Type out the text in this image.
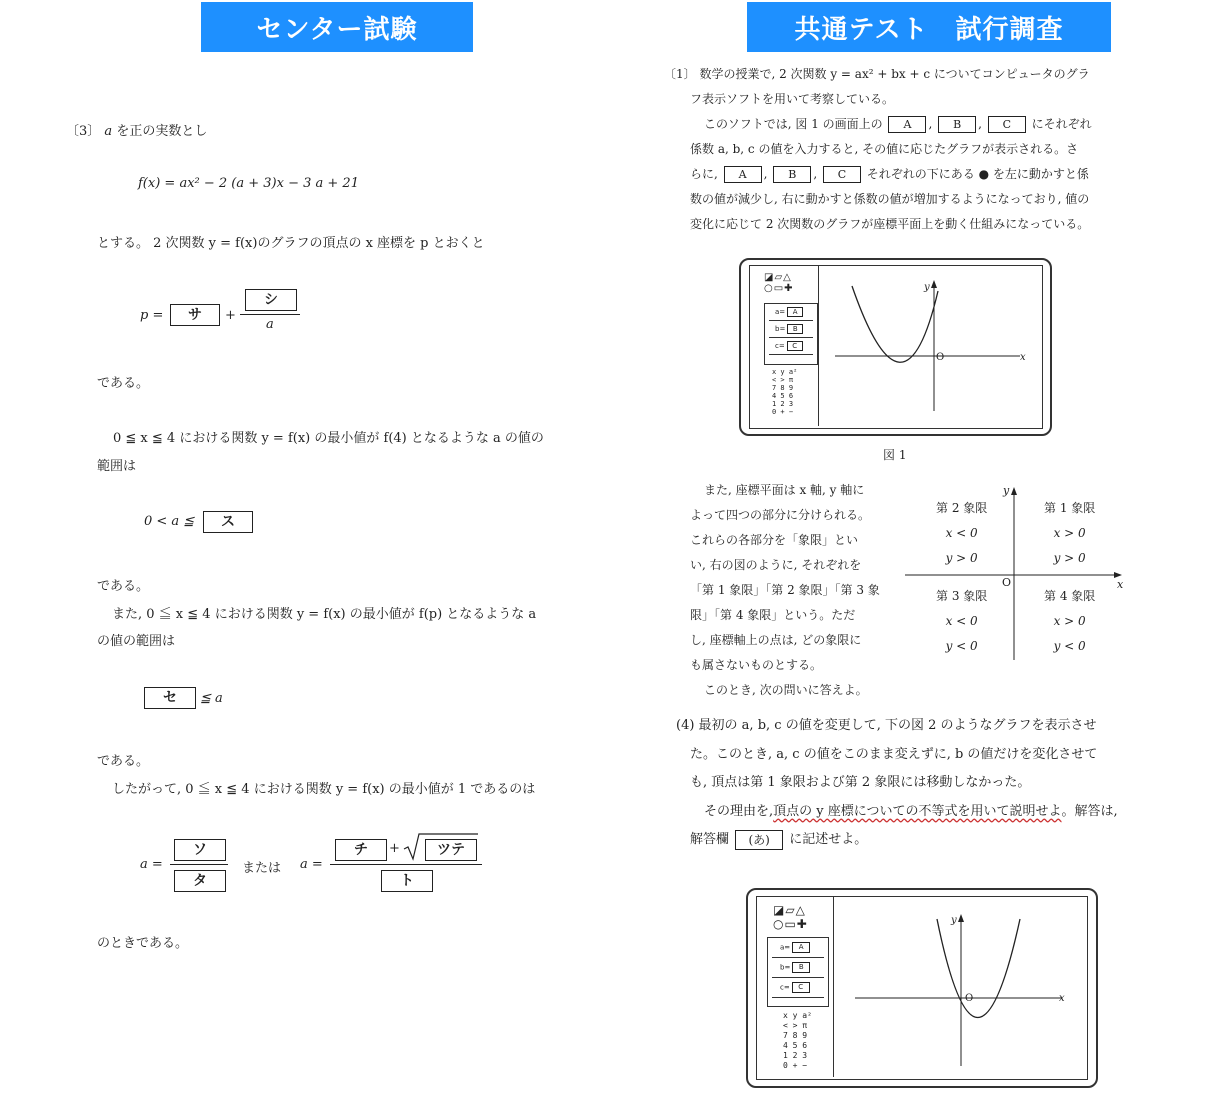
センター試験
〔3〕 a を正の実数とし
f(x) = ax² − 2 (a + 3)x − 3 a + 21
とする。 2 次関数 y = f(x)のグラフの頂点の x 座標を p とおくと
p =	サ	+
シ
a
である。
0 ≦ x ≦ 4 における関数 y = f(x) の最小値が f(4) となるような a の値の
範囲は
0 < a ≦	ス
である。
また, 0 ≦ x ≦ 4 における関数 y = f(x) の最小値が f(p) となるような a
の値の範囲は
セ	≦ a
である。
したがって, 0 ≦ x ≦ 4 における関数 y = f(x) の最小値が 1 であるのは
a =
ソ
タ
または a =
チ	+	ツテ
ト
のときである。
共通テスト　試行調査
〔1〕 数学の授業で, 2 次関数 y = ax² + bx + c についてコンピュータのグラ
フ表示ソフトを用いて考察している。
このソフトでは, 図 1 の画面上の A , B , C にそれぞれ
係数 a, b, c の値を入力すると, その値に応じたグラフが表示される。さ
らに, A , B , C それぞれの下にある ● を左に動かすと係
数の値が減少し, 右に動かすと係数の値が増加するようになっており, 値の
変化に応じて 2 次関数のグラフが座標平面上を動く仕組みになっている。
◪▱△
○▭✚
a= A
b= B
c= C
x y a²
< > π
7 8 9
4 5 6
1 2 3
0 + −
y
x
O
図 1
また, 座標平面は x 軸, y 軸に
よって四つの部分に分けられる。
これらの各部分を「象限」とい
い, 右の図のように, それぞれを
「第 1 象限」「第 2 象限」「第 3 象
限」「第 4 象限」という。ただ
し, 座標軸上の点は, どの象限に
も属さないものとする。
このとき, 次の問いに答えよ。
y
x
O
第 2 象限
x < 0
y > 0
第 1 象限
x > 0
y > 0
第 3 象限
x < 0
y < 0
第 4 象限
x > 0
y < 0
(4) 最初の a, b, c の値を変更して, 下の図 2 のようなグラフを表示させ
た。このとき, a, c の値をこのまま変えずに, b の値だけを変化させて
も, 頂点は第 1 象限および第 2 象限には移動しなかった。
その理由を,頂点の y 座標についての不等式を用いて説明せよ。解答は,
解答欄 (あ) に記述せよ。
◪▱△
○▭✚
a= A
b= B
c= C
x y a²
< > π
7 8 9
4 5 6
1 2 3
0 + −
y
x
O
